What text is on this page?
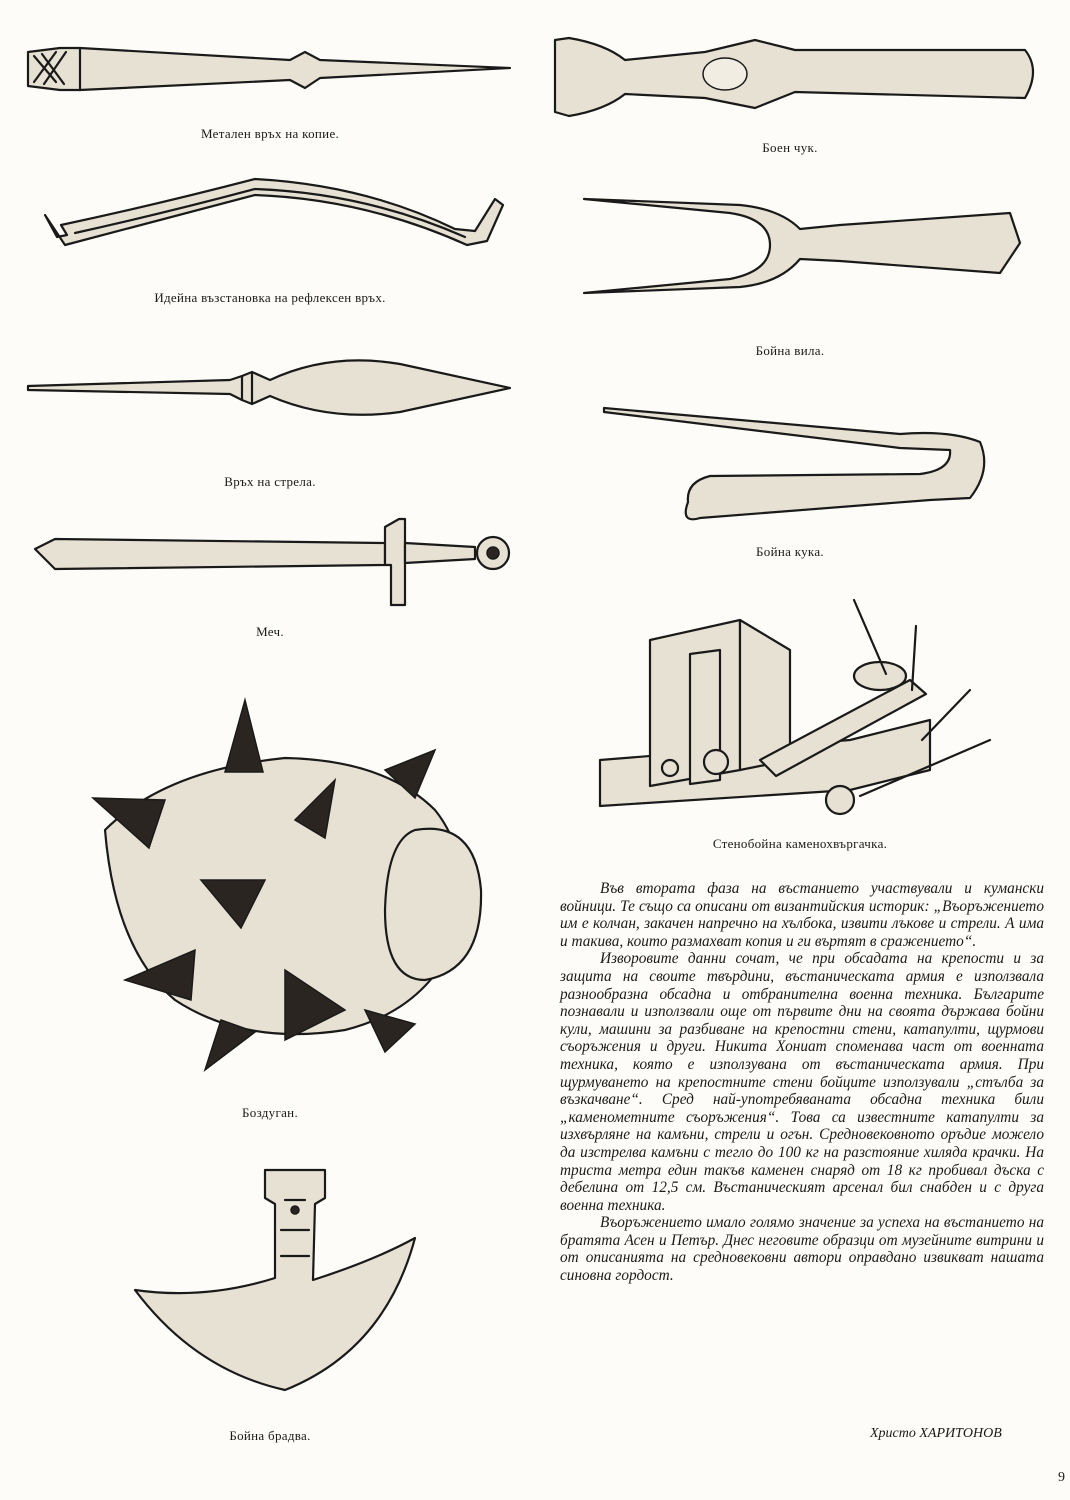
Метален връх на копие.
Идейна възстановка на рефлексен връх.
Връх на стрела.
Меч.
Боздуган.
Бойна брадва.
Боен чук.
Бойна вила.
Бойна кука.
Стенобойна каменохвъргачка.

Във втората фаза на въстанието участвували и кумански войници. Те също са описани от византийския историк: „Въоръжението им е колчан, закачен напречно на хълбока, извити лъкове и стрели. А има и такива, които размахват копия и ги въртят в сражението“.

Изворовите данни сочат, че при обсадата на крепости и за защита на своите твърдини, въстаническата армия е използвала разнообразна обсадна и отбранителна военна техника. Българите познавали и използвали още от първите дни на своята държава бойни кули, машини за разбиване на крепостни стени, катапулти, щурмови съоръжения и други. Никита Хониат споменава част от военната техника, която е използувана от въстаническата армия. При щурмуването на крепостните стени бойците използували „стълба за възкачване“. Сред най-употребяваната обсадна техника били „каменометните съоръжения“. Това са известните катапулти за изхвърляне на камъни, стрели и огън. Средновековното оръдие можело да изстрелва камъни с тегло до 100 кг на разстояние хиляда крачки. На триста метра един такъв каменен снаряд от 18 кг пробивал дъска с дебелина от 12,5 см. Въстаническият арсенал бил снабден и с друга военна техника.

Въоръжението имало голямо значение за успеха на въстанието на братята Асен и Петър. Днес неговите образци от музейните витрини и от описанията на средновековни автори оправдано извикват нашата синовна гордост.

Христо ХАРИТОНОВ
9
